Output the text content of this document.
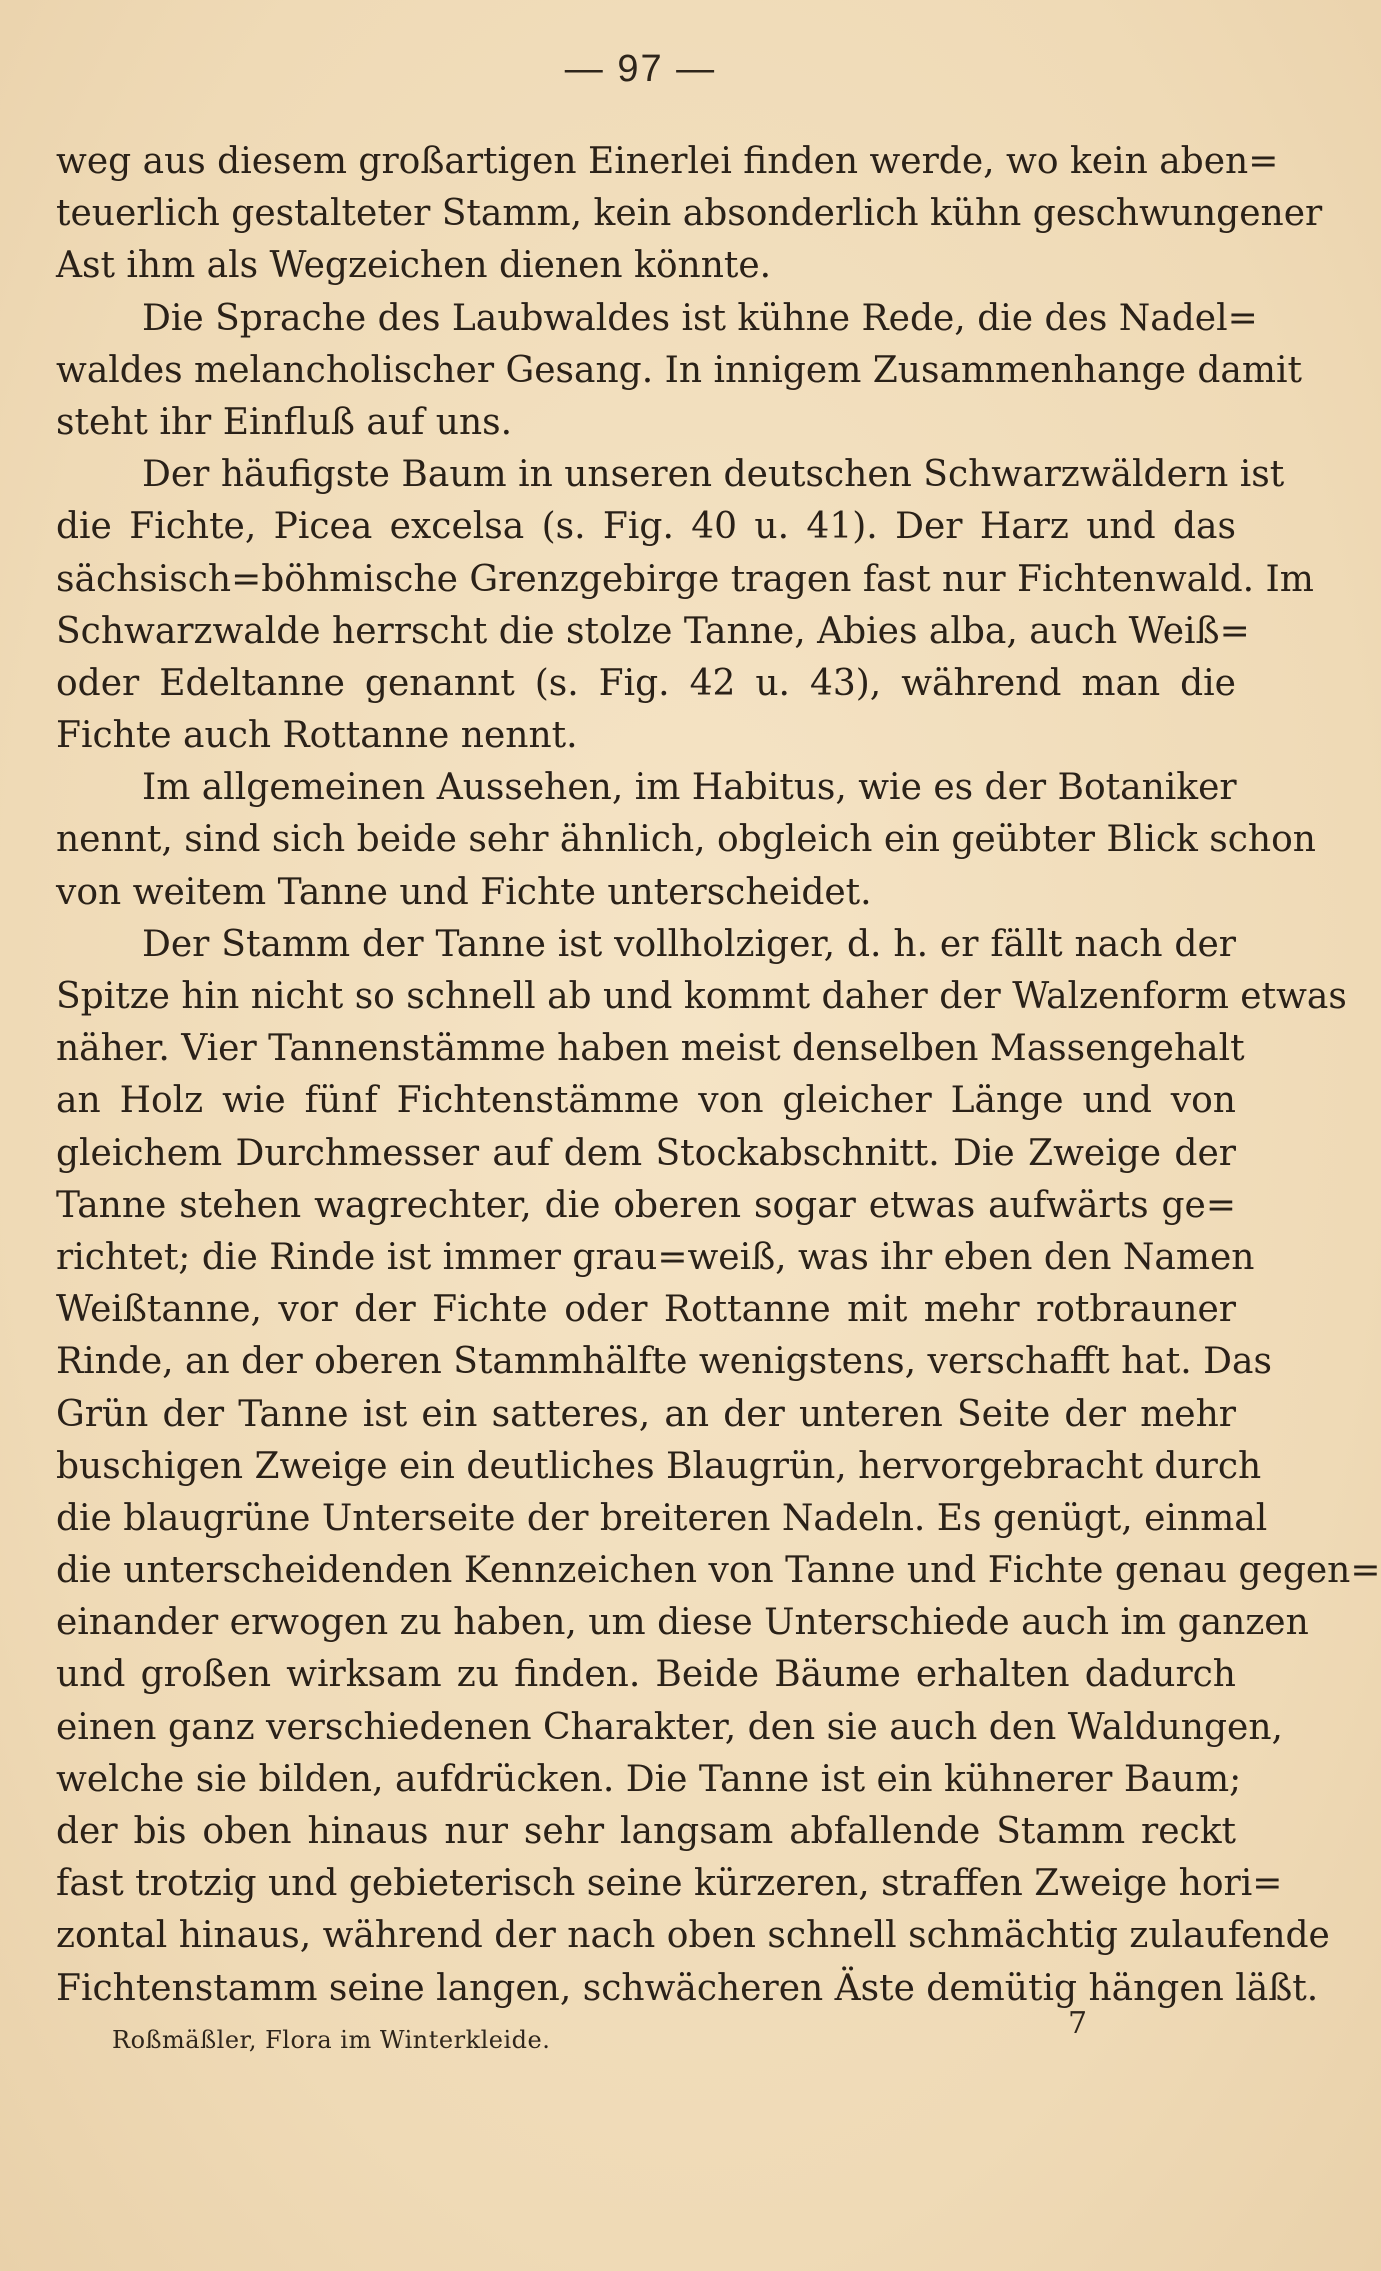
— 97 —
weg aus diesem großartigen Einerlei finden werde, wo kein aben=
teuerlich gestalteter Stamm, kein absonderlich kühn geschwungener
Ast ihm als Wegzeichen dienen könnte.
Die Sprache des Laubwaldes ist kühne Rede, die des Nadel=
waldes melancholischer Gesang. In innigem Zusammenhange damit
steht ihr Einfluß auf uns.
Der häufigste Baum in unseren deutschen Schwarzwäldern ist
die Fichte, Picea excelsa (s. Fig. 40 u. 41). Der Harz und das
sächsisch=böhmische Grenzgebirge tragen fast nur Fichtenwald. Im
Schwarzwalde herrscht die stolze Tanne, Abies alba, auch Weiß=
oder Edeltanne genannt (s. Fig. 42 u. 43), während man die
Fichte auch Rottanne nennt.
Im allgemeinen Aussehen, im Habitus, wie es der Botaniker
nennt, sind sich beide sehr ähnlich, obgleich ein geübter Blick schon
von weitem Tanne und Fichte unterscheidet.
Der Stamm der Tanne ist vollholziger, d. h. er fällt nach der
Spitze hin nicht so schnell ab und kommt daher der Walzenform etwas
näher. Vier Tannenstämme haben meist denselben Massengehalt
an Holz wie fünf Fichtenstämme von gleicher Länge und von
gleichem Durchmesser auf dem Stockabschnitt. Die Zweige der
Tanne stehen wagrechter, die oberen sogar etwas aufwärts ge=
richtet; die Rinde ist immer grau=weiß, was ihr eben den Namen
Weißtanne, vor der Fichte oder Rottanne mit mehr rotbrauner
Rinde, an der oberen Stammhälfte wenigstens, verschafft hat. Das
Grün der Tanne ist ein satteres, an der unteren Seite der mehr
buschigen Zweige ein deutliches Blaugrün, hervorgebracht durch
die blaugrüne Unterseite der breiteren Nadeln. Es genügt, einmal
die unterscheidenden Kennzeichen von Tanne und Fichte genau gegen=
einander erwogen zu haben, um diese Unterschiede auch im ganzen
und großen wirksam zu finden. Beide Bäume erhalten dadurch
einen ganz verschiedenen Charakter, den sie auch den Waldungen,
welche sie bilden, aufdrücken. Die Tanne ist ein kühnerer Baum;
der bis oben hinaus nur sehr langsam abfallende Stamm reckt
fast trotzig und gebieterisch seine kürzeren, straffen Zweige hori=
zontal hinaus, während der nach oben schnell schmächtig zulaufende
Fichtenstamm seine langen, schwächeren Äste demütig hängen läßt.
Roßmäßler, Flora im Winterkleide.	7
